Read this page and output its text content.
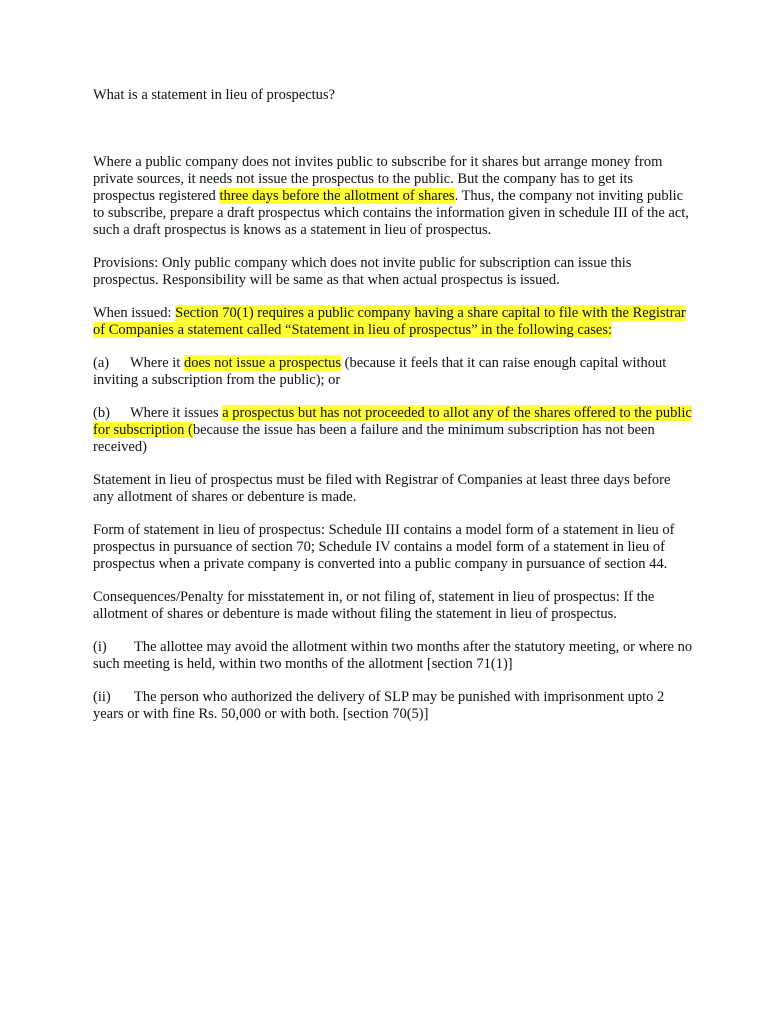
What is a statement in lieu of prospectus?

Where a public company does not invites public to subscribe for it shares but arrange money from private sources, it needs not issue the prospectus to the public. But the company has to get its prospectus registered three days before the allotment of shares. Thus, the company not inviting public to subscribe, prepare a draft prospectus which contains the information given in schedule III of the act, such a draft prospectus is knows as a statement in lieu of prospectus.

Provisions: Only public company which does not invite public for subscription can issue this prospectus. Responsibility will be same as that when actual prospectus is issued.

When issued: Section 70(1) requires a public company having a share capital to file with the Registrar of Companies a statement called “Statement in lieu of prospectus” in the following cases:

(a) Where it does not issue a prospectus (because it feels that it can raise enough capital without inviting a subscription from the public); or

(b) Where it issues a prospectus but has not proceeded to allot any of the shares offered to the public for subscription (because the issue has been a failure and the minimum subscription has not been received)

Statement in lieu of prospectus must be filed with Registrar of Companies at least three days before any allotment of shares or debenture is made.

Form of statement in lieu of prospectus: Schedule III contains a model form of a statement in lieu of prospectus in pursuance of section 70; Schedule IV contains a model form of a statement in lieu of prospectus when a private company is converted into a public company in pursuance of section 44.

Consequences/Penalty for misstatement in, or not filing of, statement in lieu of prospectus: If the allotment of shares or debenture is made without filing the statement in lieu of prospectus.

(i) The allottee may avoid the allotment within two months after the statutory meeting, or where no such meeting is held, within two months of the allotment [section 71(1)]

(ii) The person who authorized the delivery of SLP may be punished with imprisonment upto 2 years or with fine Rs. 50,000 or with both. [section 70(5)]
